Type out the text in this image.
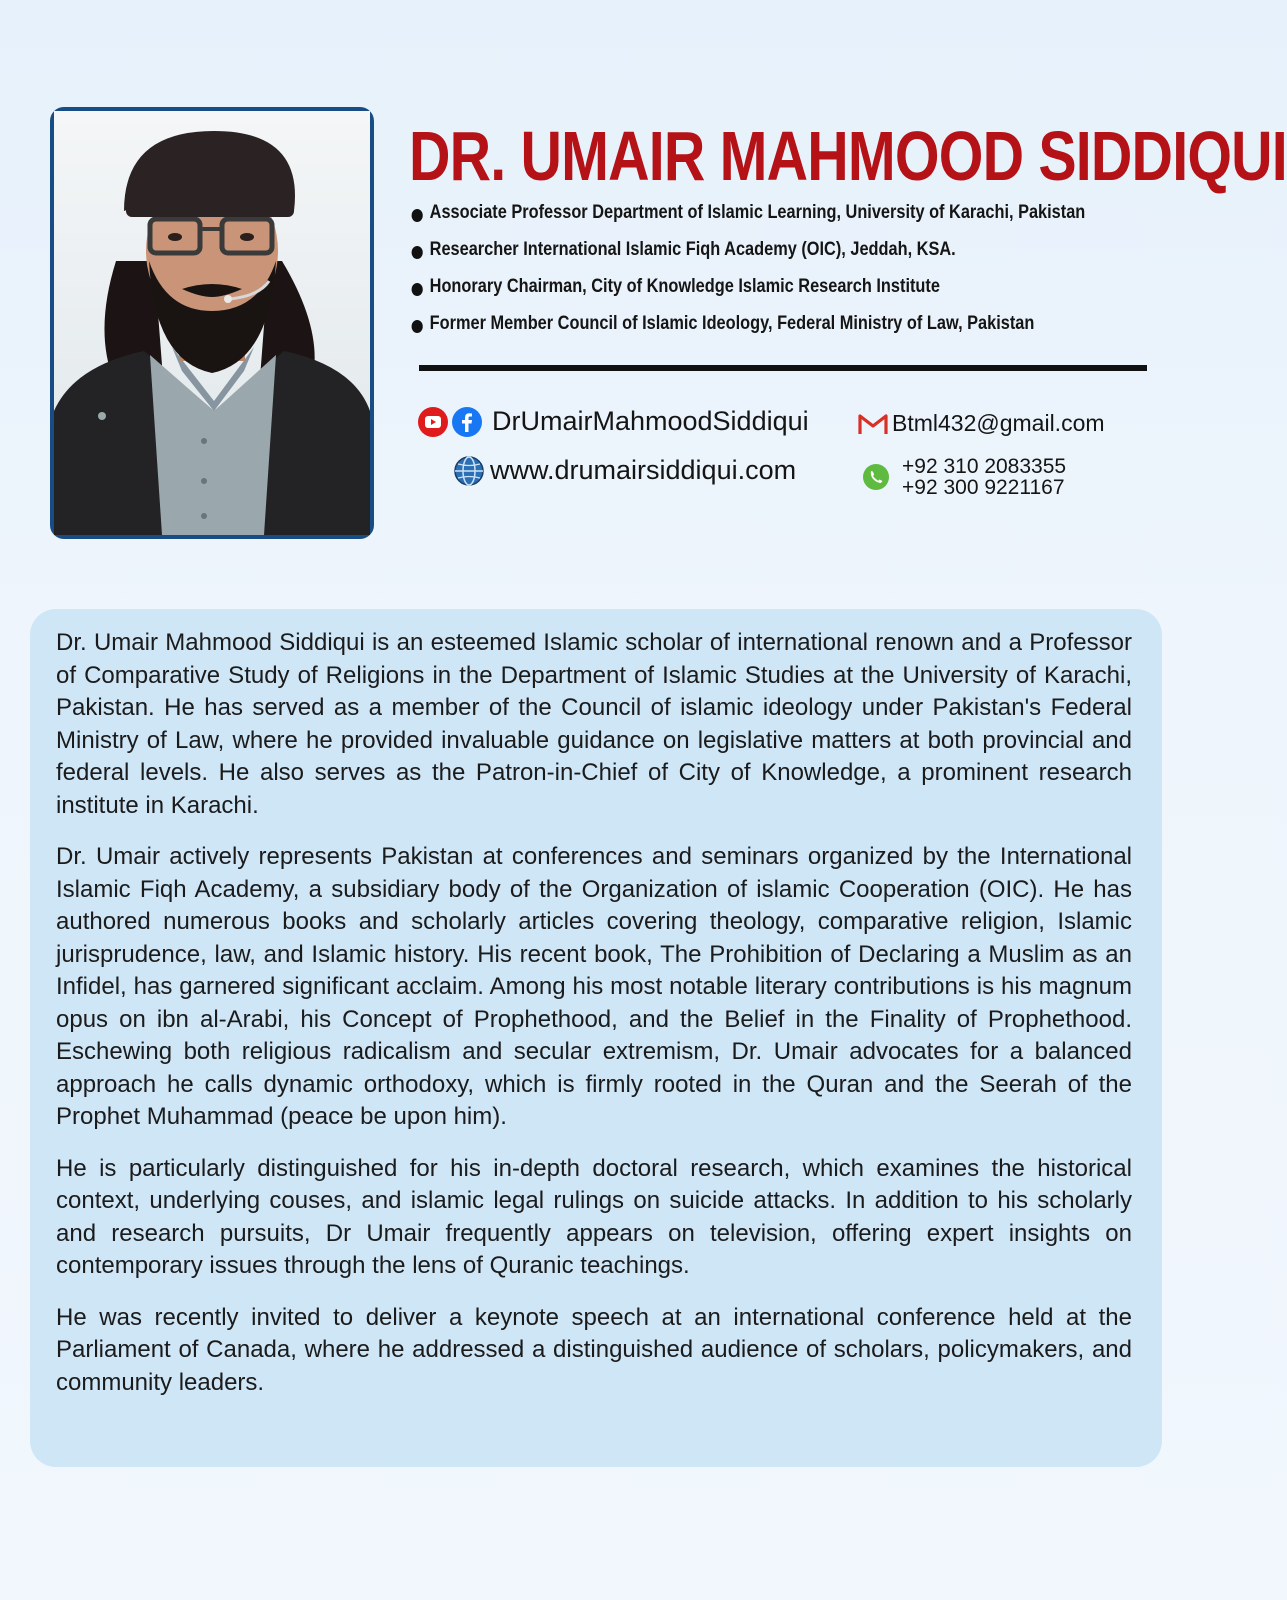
DR. UMAIR MAHMOOD SIDDIQUI
Associate Professor Department of Islamic Learning, University of Karachi, Pakistan
Researcher International Islamic Fiqh Academy (OIC), Jeddah, KSA.
Honorary Chairman, City of Knowledge Islamic Research Institute
Former Member Council of Islamic Ideology, Federal Ministry of Law, Pakistan
DrUmairMahmoodSiddiqui
www.drumairsiddiqui.com
Btml432@gmail.com
+92 310 2083355
+92 300 9221167

Dr. Umair Mahmood Siddiqui is an esteemed Islamic scholar of international renown and a Professor of Comparative Study of Religions in the Department of Islamic Studies at the University of Karachi, Pakistan. He has served as a member of the Council of islamic ideology under Pakistan's Federal Ministry of Law, where he provided invaluable guidance on legislative matters at both provincial and federal levels. He also serves as the Patron-in-Chief of City of Knowledge, a prominent research institute in Karachi.

Dr. Umair actively represents Pakistan at conferences and seminars organized by the International Islamic Fiqh Academy, a subsidiary body of the Organization of islamic Cooperation (OIC). He has authored numerous books and scholarly articles covering theology, comparative religion, Islamic jurisprudence, law, and Islamic history. His recent book, The Prohibition of Declaring a Muslim as an Infidel, has garnered significant acclaim. Among his most notable literary contributions is his magnum opus on ibn al-Arabi, his Concept of Prophethood, and the Belief in the Finality of Prophethood. Eschewing both religious radicalism and secular extremism, Dr. Umair advocates for a balanced approach he calls dynamic orthodoxy, which is firmly rooted in the Quran and the Seerah of the Prophet Muhammad (peace be upon him).

He is particularly distinguished for his in-depth doctoral research, which examines the historical context, underlying couses, and islamic legal rulings on suicide attacks. In addition to his scholarly and research pursuits, Dr Umair frequently appears on television, offering expert insights on contemporary issues through the lens of Quranic teachings.

He was recently invited to deliver a keynote speech at an international conference held at the Parliament of Canada, where he addressed a distinguished audience of scholars, policymakers, and community leaders.
